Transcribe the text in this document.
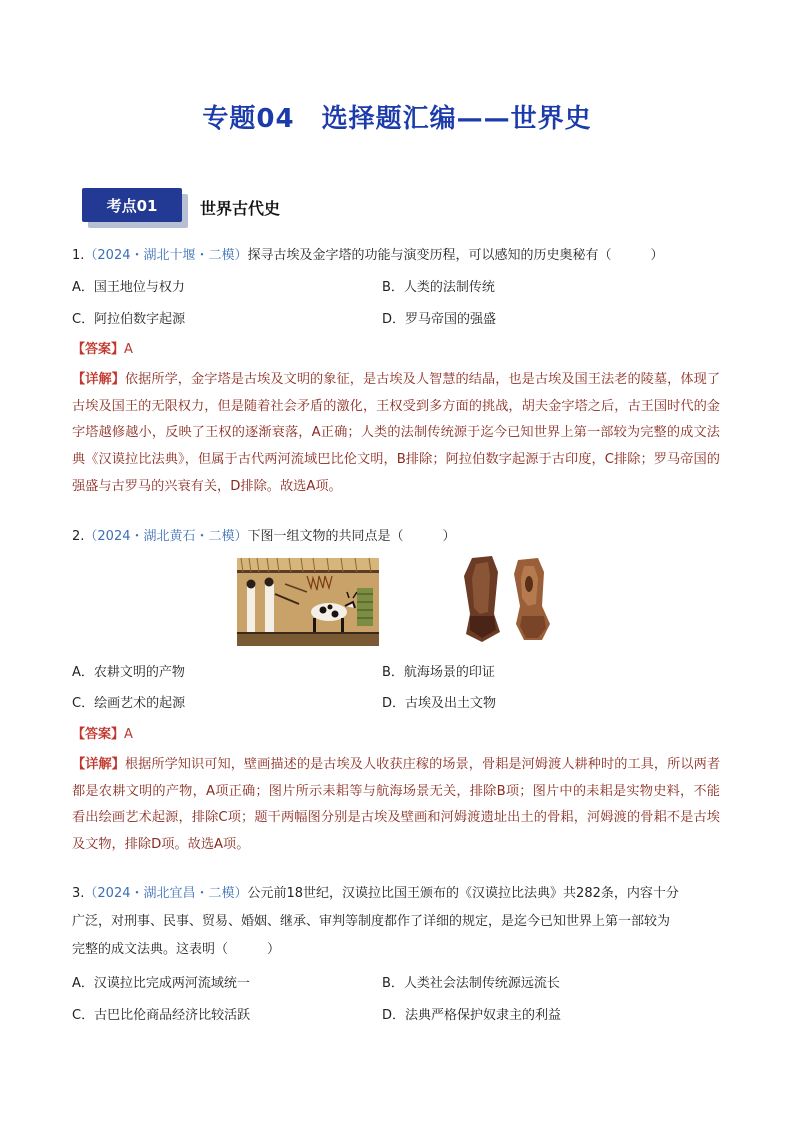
专题04　选择题汇编——世界史
考点01	世界古代史
1.（2024・湖北十堰・二模）探寻古埃及金字塔的功能与演变历程，可以感知的历史奥秘有（　　　）
A．国王地位与权力	B．人类的法制传统
C．阿拉伯数字起源	D．罗马帝国的强盛
【答案】A
【详解】依据所学，金字塔是古埃及文明的象征，是古埃及人智慧的结晶，也是古埃及国王法老的陵墓，体现了古埃及国王的无限权力，但是随着社会矛盾的激化，王权受到多方面的挑战，胡夫金字塔之后，古王国时代的金字塔越修越小，反映了王权的逐渐衰落，A正确；人类的法制传统源于迄今已知世界上第一部较为完整的成文法典《汉谟拉比法典》，但属于古代两河流域巴比伦文明，B排除；阿拉伯数字起源于古印度，C排除；罗马帝国的强盛与古罗马的兴衰有关，D排除。故选A项。
2.（2024・湖北黄石・二模）下图一组文物的共同点是（　　　）
A．农耕文明的产物	B．航海场景的印证
C．绘画艺术的起源	D．古埃及出土文物
【答案】A
【详解】根据所学知识可知，壁画描述的是古埃及人收获庄稼的场景，骨耜是河姆渡人耕种时的工具，所以两者都是农耕文明的产物，A项正确；图片所示耒耜等与航海场景无关，排除B项；图片中的耒耜是实物史料，不能看出绘画艺术起源，排除C项；题干两幅图分别是古埃及壁画和河姆渡遗址出土的骨耜，河姆渡的骨耜不是古埃及文物，排除D项。故选A项。
3.（2024・湖北宜昌・二模）公元前18世纪，汉谟拉比国王颁布的《汉谟拉比法典》共282条，内容十分
广泛，对刑事、民事、贸易、婚姻、继承、审判等制度都作了详细的规定，是迄今已知世界上第一部较为
完整的成文法典。这表明（　　　）
A．汉谟拉比完成两河流域统一	B．人类社会法制传统源远流长
C．古巴比伦商品经济比较活跃	D．法典严格保护奴隶主的利益
